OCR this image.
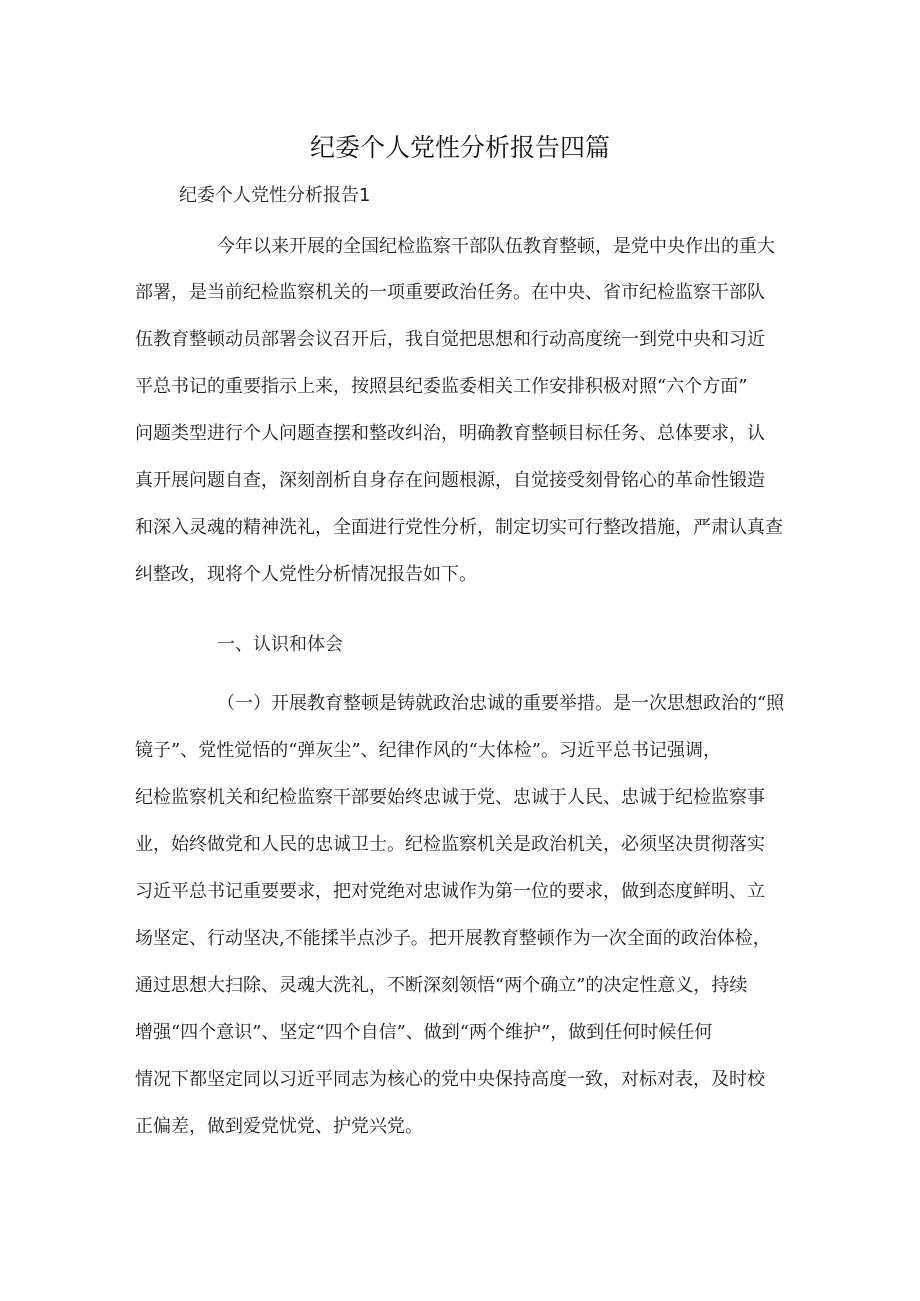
纪委个人党性分析报告四篇

纪委个人党性分析报告1

今年以来开展的全国纪检监察干部队伍教育整顿，是党中央作出的重大

部署，是当前纪检监察机关的一项重要政治任务。在中央、省市纪检监察干部队

伍教育整顿动员部署会议召开后，我自觉把思想和行动高度统一到党中央和习近

平总书记的重要指示上来，按照县纪委监委相关工作安排积极对照“六个方面”

问题类型进行个人问题查摆和整改纠治，明确教育整顿目标任务、总体要求，认

真开展问题自查，深刻剖析自身存在问题根源，自觉接受刻骨铭心的革命性锻造

和深入灵魂的精神洗礼，全面进行党性分析，制定切实可行整改措施，严肃认真查

纠整改，现将个人党性分析情况报告如下。

一、认识和体会

（一）开展教育整顿是铸就政治忠诚的重要举措。是一次思想政治的“照

镜子”、党性觉悟的“弹灰尘”、纪律作风的“大体检”。习近平总书记强调，

纪检监察机关和纪检监察干部要始终忠诚于党、忠诚于人民、忠诚于纪检监察事

业，始终做党和人民的忠诚卫士。纪检监察机关是政治机关，必须坚决贯彻落实

习近平总书记重要要求，把对党绝对忠诚作为第一位的要求，做到态度鲜明、立

场坚定、行动坚决,不能揉半点沙子。把开展教育整顿作为一次全面的政治体检，

通过思想大扫除、灵魂大洗礼，不断深刻领悟“两个确立”的决定性意义，持续

增强“四个意识”、坚定“四个自信”、做到“两个维护”，做到任何时候任何

情况下都坚定同以习近平同志为核心的党中央保持高度一致，对标对表，及时校

正偏差，做到爱党忧党、护党兴党。
